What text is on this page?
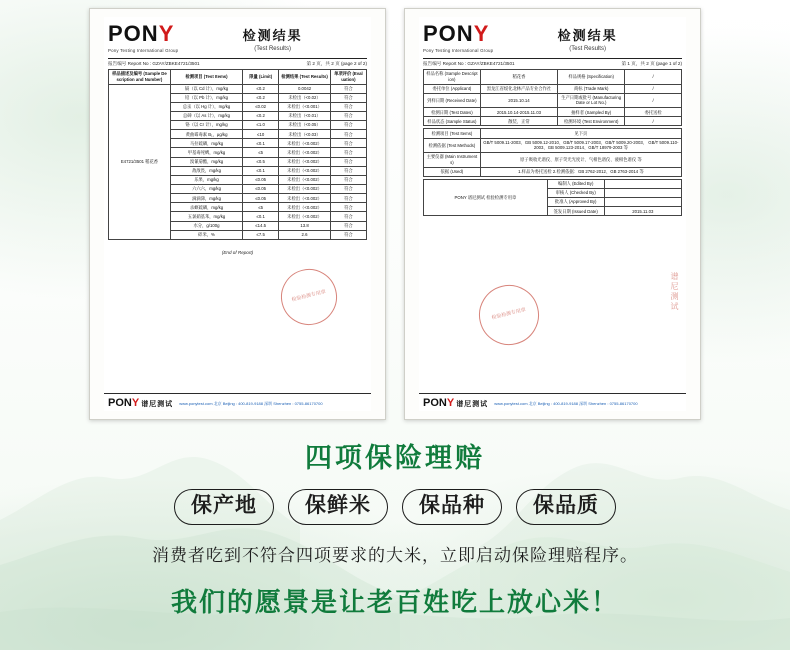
PONY
Pony Testing International Group
检测结果
(Test Results)
报告编号 Report No : GZAY/ZBKE4721/3501	第 2 页，共 2 页 (page 2 of 2)
样品描述及编号 (Sample Description and Number)	检测项目 (Test Items)	限量 (Limit)	检测结果 (Test Results)	单项评价 (Evaluation)
E4721/3501 稻花香	镉（以 Cd 计），mg/kg	≤0.2	0.0042	符合
	铅（以 Pb 计），mg/kg	≤0.2	未检出（<0.02）	符合
	总汞（以 Hg 计），mg/kg	≤0.02	未检出（<0.001）	符合
	总砷（以 As 计），mg/kg	≤0.2	未检出（<0.01）	符合
	铬（以 Cr 计），mg/kg	≤1.0	未检出（<0.05）	符合
	黄曲霉毒素 B₁，μg/kg	≤10	未检出（<0.03）	符合
	马拉硫磷，mg/kg	≤0.1	未检出（<0.002）	符合
	甲基毒死蜱，mg/kg	≤5	未检出（<0.002）	符合
	溴氰菊酯，mg/kg	≤0.5	未检出（<0.002）	符合
	敌敌畏，mg/kg	≤0.1	未检出（<0.002）	符合
	乐果，mg/kg	≤0.05	未检出（<0.002）	符合
	六六六，mg/kg	≤0.05	未检出（<0.002）	符合
	滴滴涕，mg/kg	≤0.05	未检出（<0.002）	符合
	杀螟硫磷，mg/kg	≤5	未检出（<0.002）	符合
	五氯硝基苯，mg/kg	≤0.1	未检出（<0.002）	符合
	水分，g/100g	≤14.5	13.8	符合
	碎米，%	≤7.5	2.6	符合
(End of Report)
检验检测专用章
PONY 谱尼测试 www.ponytest.com 北京 Beijing : 400-819-9188 深圳 Shenzhen : 0755-86170700
PONY
Pony Testing International Group
检测结果
(Test Results)
报告编号 Report No : GZAY/ZBKE4721/3501	第 1 页，共 2 页 (page 1 of 2)
样品名称 (Sample Description)	稻花香	样品规格 (Specification)	/
委托单位 (Applicant)	黑龙江省绥化北林产品专业合作社	商标 (Trade Mark)	/
到样日期 (Received Date)	2015.10.14	生产日期或批号 (Manufacturing Date or Lot No.)	/
检测日期 (Test Dates)	2015.10.14-2015.11.03	抽样者 (Sampled By)	委托送检
样品状态 (Sample Status)	散装、正常	检测环境 (Test Environment)	/
检测项目 (Test Items)	见下页
检测依据 (Test Methods)	GB/T 5009.11-2003、GB 5009.12-2010、GB/T 5009.17-2003、GB/T 5009.20-2003、 GB/T 5009.110-2003、GB 5009.123-2014、GB/T 18979-2003 等
主要仪器 (Main Instruments)	原子吸收光谱仪、原子荧光光度计、气相色谱仪、液相色谱仪 等
依据 (Used)	1.样品为委托送检 2.检测依据：GB 2762-2012、GB 2763-2014 等
PONY 谱尼测试 检验检测专用章	编制人 (Edited By)	
	审核人 (Checked By)	
	批准人 (Approved By)	
	签发日期 (Issued Date)	2015.11.03
检验检测专用章
谱尼测试
PONY 谱尼测试 www.ponytest.com 北京 Beijing : 400-819-9188 深圳 Shenzhen : 0755-86170700
四项保险理赔
保产地	保鲜米	保品种	保品质
消费者吃到不符合四项要求的大米，立即启动保险理赔程序。
我们的愿景是让老百姓吃上放心米！
